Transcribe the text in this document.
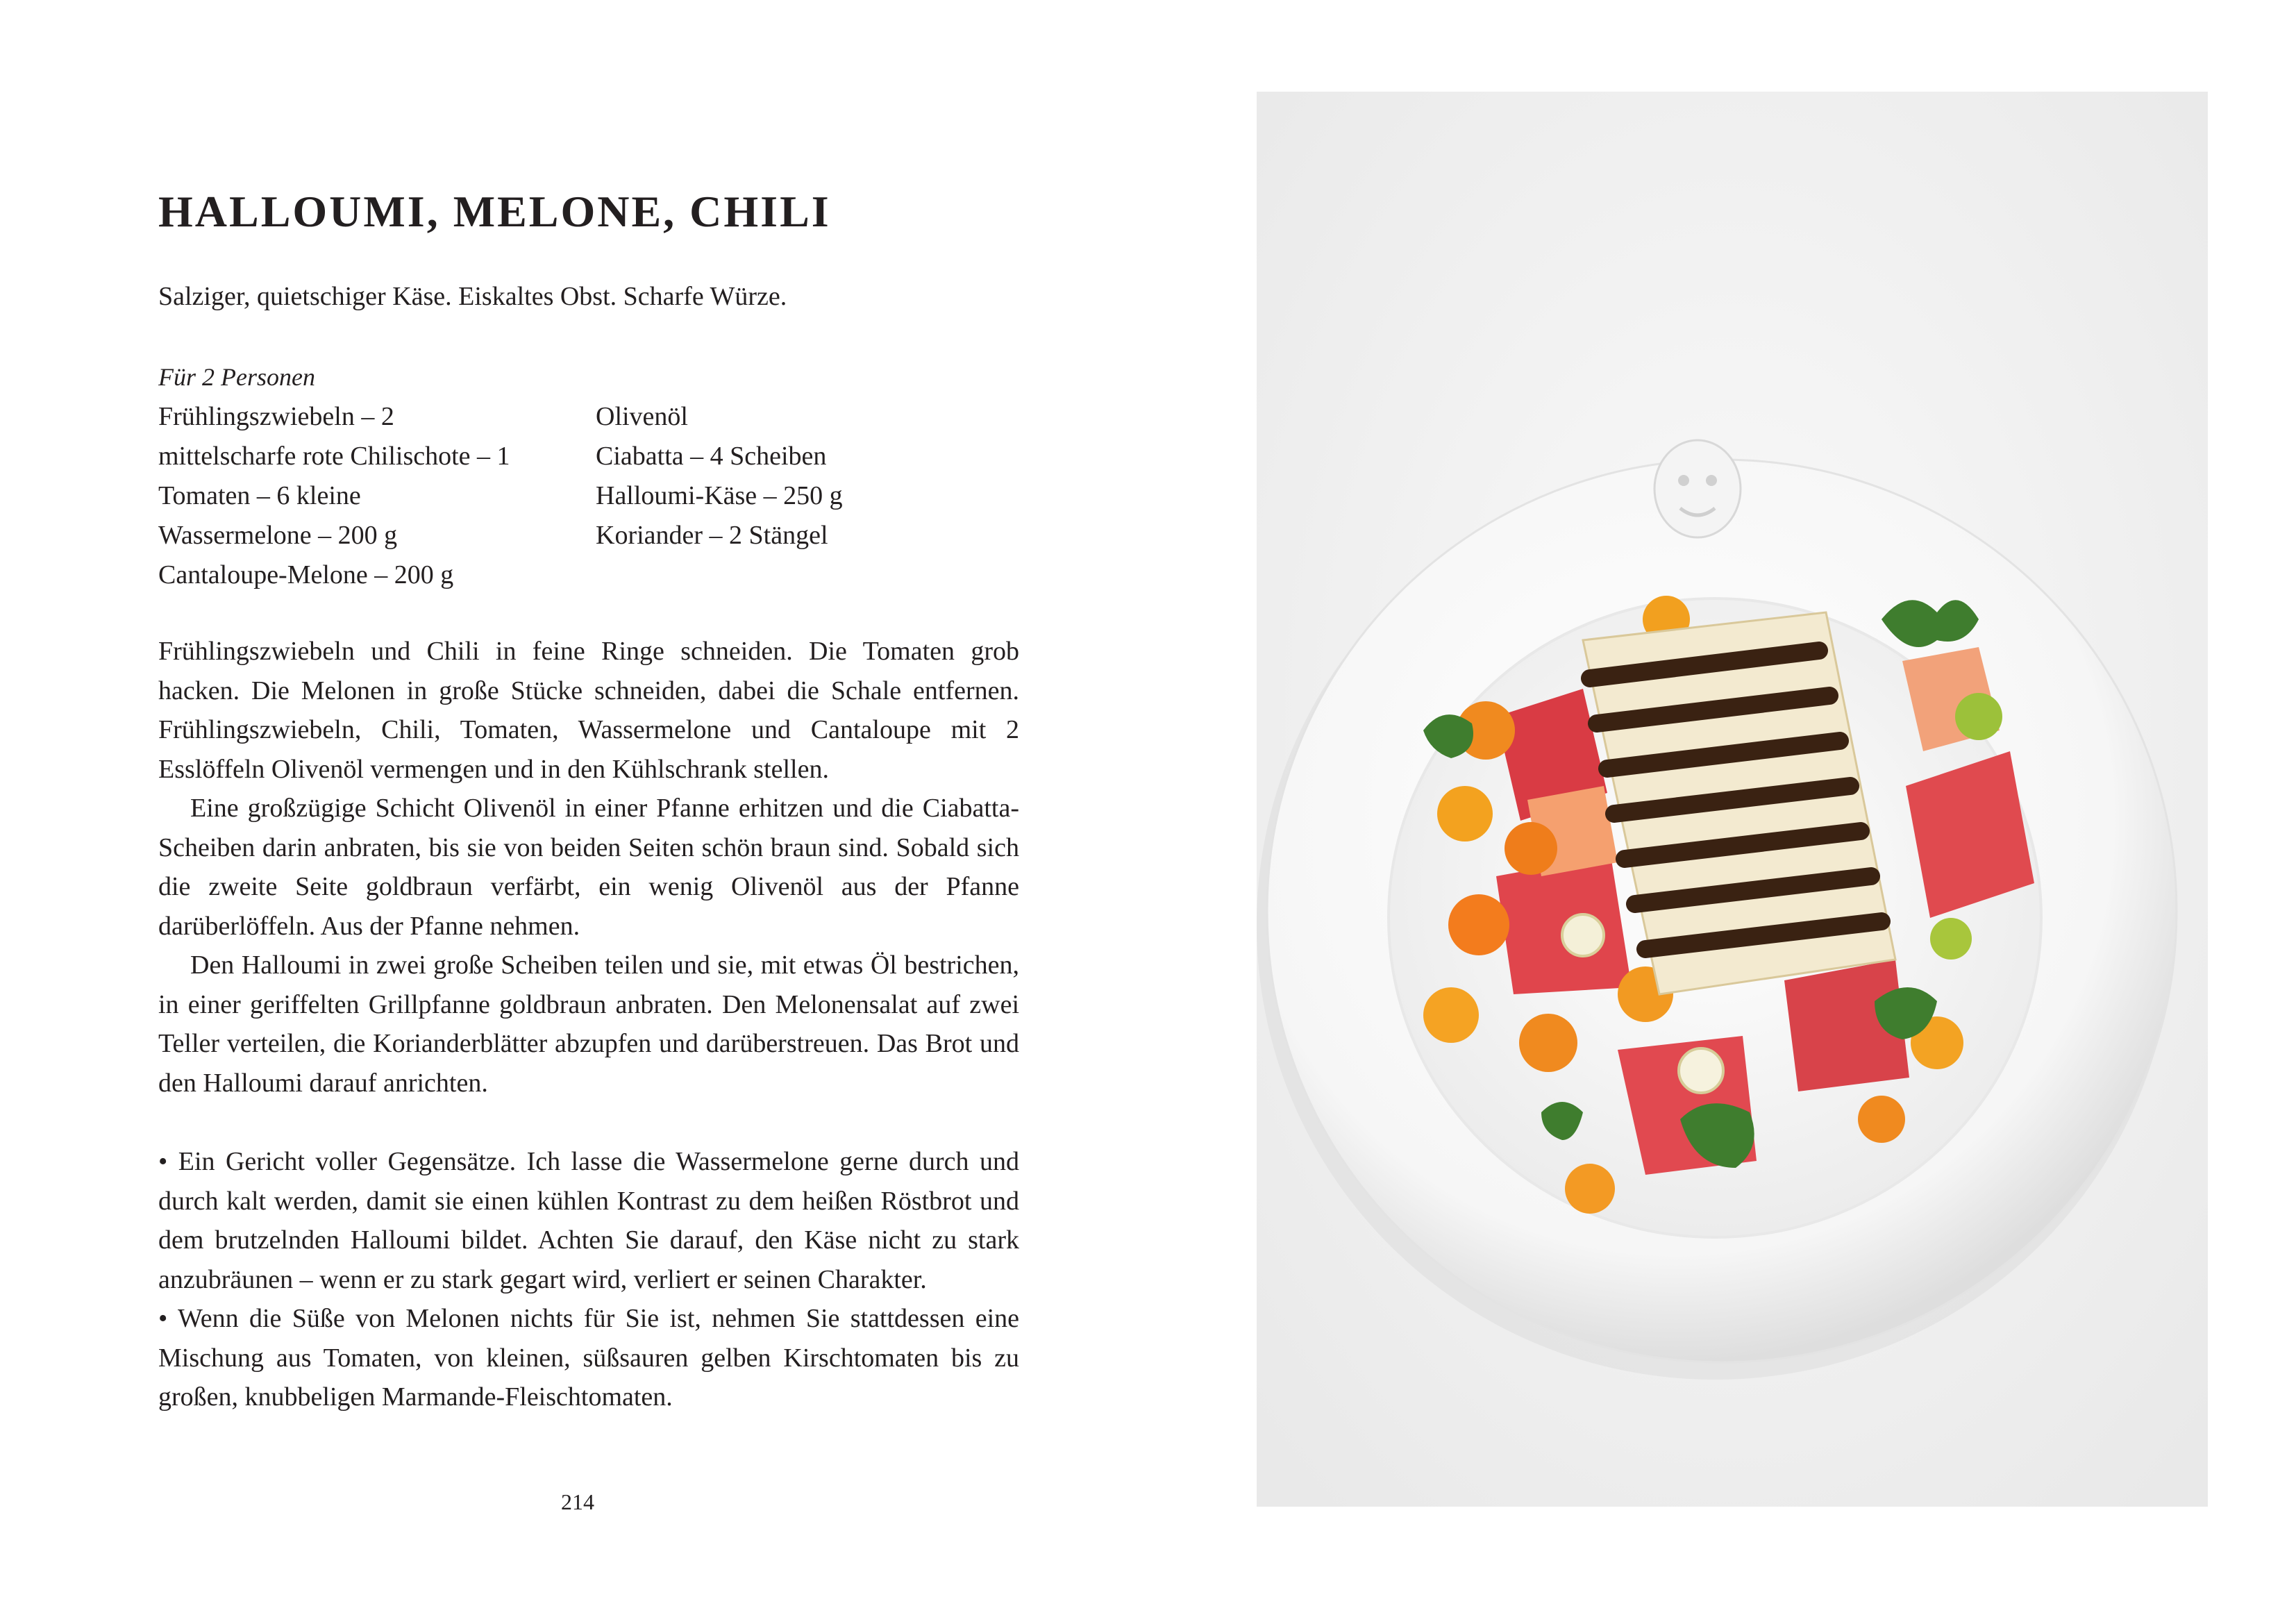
HALLOUMI, MELONE, CHILI

Salziger, quietschiger Käse. Eiskaltes Obst. Scharfe Würze.

Für 2 Personen

Frühlingszwiebeln – 2
mittelscharfe rote Chilischote – 1
Tomaten – 6 kleine
Wassermelone – 200 g
Cantaloupe-Melone – 200 g
Olivenöl
Ciabatta – 4 Scheiben
Halloumi-Käse – 250 g
Koriander – 2 Stängel

Frühlingszwiebeln und Chili in feine Ringe schneiden. Die Tomaten grob hacken. Die Melonen in große Stücke schneiden, dabei die Schale entfernen. Frühlingszwiebeln, Chili, Tomaten, Wassermelone und Cantaloupe mit 2 Esslöffeln Olivenöl vermengen und in den Kühlschrank stellen.

Eine großzügige Schicht Olivenöl in einer Pfanne erhitzen und die Ciabatta-Scheiben darin anbraten, bis sie von beiden Seiten schön braun sind. Sobald sich die zweite Seite goldbraun verfärbt, ein wenig Olivenöl aus der Pfanne darüberlöffeln. Aus der Pfanne nehmen.

Den Halloumi in zwei große Scheiben teilen und sie, mit etwas Öl bestrichen, in einer geriffelten Grillpfanne goldbraun anbraten. Den Melonensalat auf zwei Teller verteilen, die Korianderblätter abzupfen und darüberstreuen. Das Brot und den Halloumi darauf anrichten.

• Ein Gericht voller Gegensätze. Ich lasse die Wassermelone gerne durch und durch kalt werden, damit sie einen kühlen Kontrast zu dem heißen Röstbrot und dem brutzelnden Halloumi bildet. Achten Sie darauf, den Käse nicht zu stark anzubräunen – wenn er zu stark gegart wird, verliert er seinen Charakter.

• Wenn die Süße von Melonen nichts für Sie ist, nehmen Sie stattdessen eine Mischung aus Tomaten, von kleinen, süßsauren gelben Kirschtomaten bis zu großen, knubbeligen Marmande-Fleischtomaten.

214
